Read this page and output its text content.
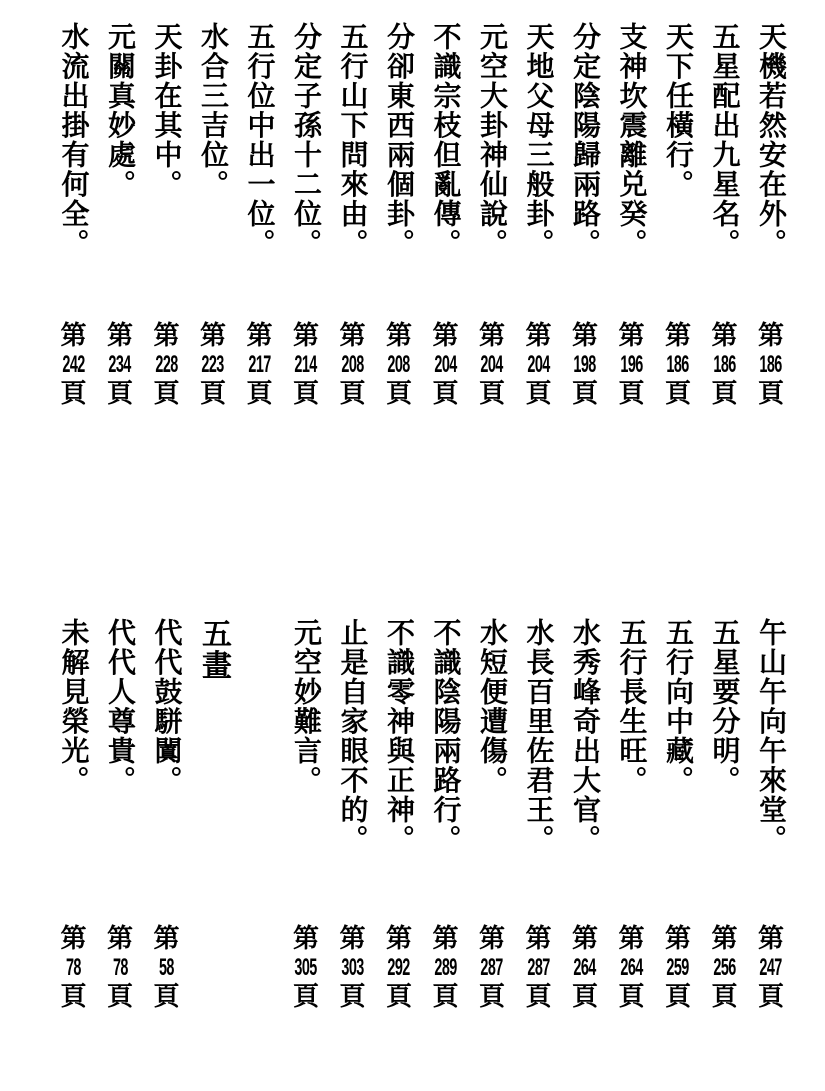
天機若然安在外。
第
186
頁
五星配出九星名。
第
186
頁
天下任橫行。
第
186
頁
支神坎震離兑癸。
第
196
頁
分定陰陽歸兩路。
第
198
頁
天地父母三般卦。
第
204
頁
元空大卦神仙說。
第
204
頁
不識宗枝但亂傳。
第
204
頁
分卻東西兩個卦。
第
208
頁
五行山下問來由。
第
208
頁
分定子孫十二位。
第
214
頁
五行位中出一位。
第
217
頁
水合三吉位。
第
223
頁
天卦在其中。
第
228
頁
元關真妙處。
第
234
頁
水流出掛有何全。
第
242
頁
午山午向午來堂。
第
247
頁
五星要分明。
第
256
頁
五行向中藏。
第
259
頁
五行長生旺。
第
264
頁
水秀峰奇出大官。
第
264
頁
水長百里佐君王。
第
287
頁
水短便遭傷。
第
287
頁
不識陰陽兩路行。
第
289
頁
不識零神與正神。
第
292
頁
止是自家眼不的。
第
303
頁
元空妙難言。
第
305
頁
五畫
代代鼓駢闐。
第
58
頁
代代人尊貴。
第
78
頁
未解見榮光。
第
78
頁
